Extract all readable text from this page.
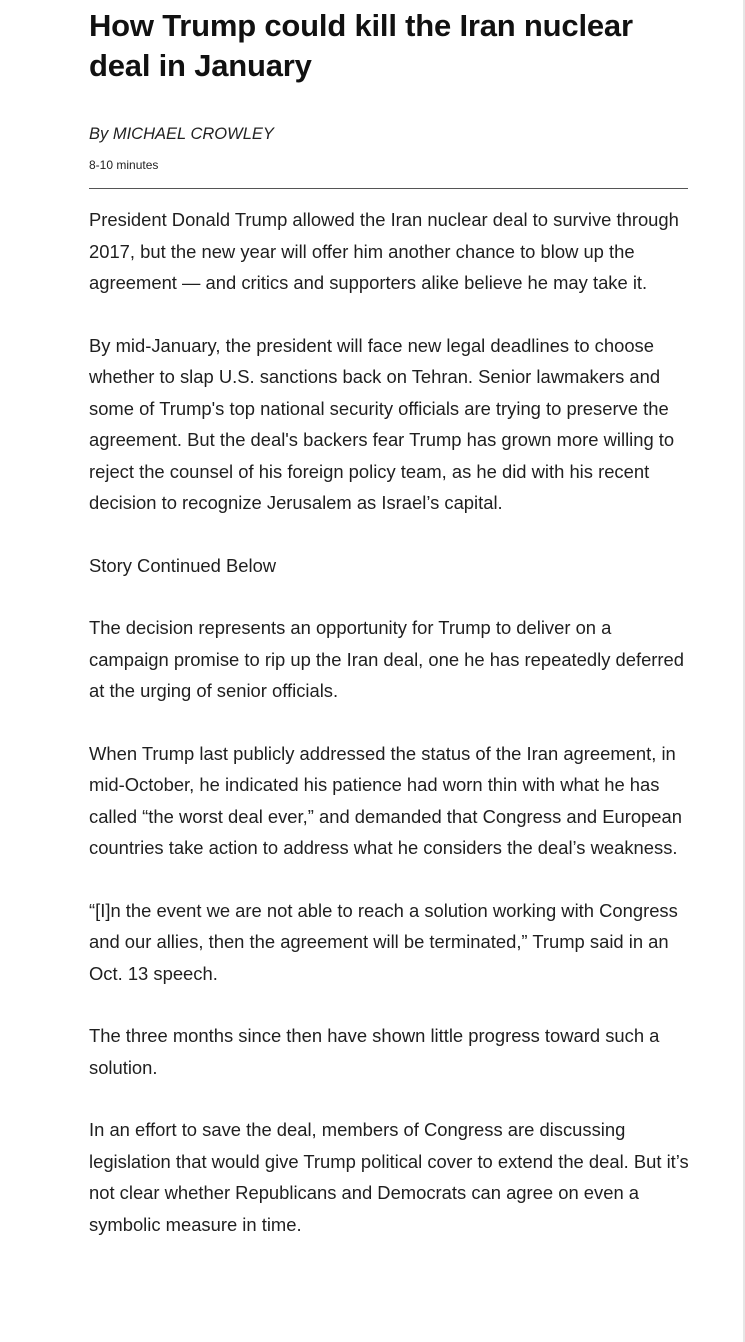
How Trump could kill the Iran nuclear deal in January

By MICHAEL CROWLEY

8-10 minutes

President Donald Trump allowed the Iran nuclear deal to survive through 2017, but the new year will offer him another chance to blow up the agreement — and critics and supporters alike believe he may take it.

By mid-January, the president will face new legal deadlines to choose whether to slap U.S. sanctions back on Tehran. Senior lawmakers and some of Trump's top national security officials are trying to preserve the agreement. But the deal's backers fear Trump has grown more willing to reject the counsel of his foreign policy team, as he did with his recent decision to recognize Jerusalem as Israel’s capital.

Story Continued Below

The decision represents an opportunity for Trump to deliver on a campaign promise to rip up the Iran deal, one he has repeatedly deferred at the urging of senior officials.

When Trump last publicly addressed the status of the Iran agreement, in mid-October, he indicated his patience had worn thin with what he has called “the worst deal ever,” and demanded that Congress and European countries take action to address what he considers the deal’s weakness.

“[I]n the event we are not able to reach a solution working with Congress and our allies, then the agreement will be terminated,” Trump said in an Oct. 13 speech.

The three months since then have shown little progress toward such a solution.

In an effort to save the deal, members of Congress are discussing legislation that would give Trump political cover to extend the deal. But it’s not clear whether Republicans and Democrats can agree on even a symbolic measure in time.
